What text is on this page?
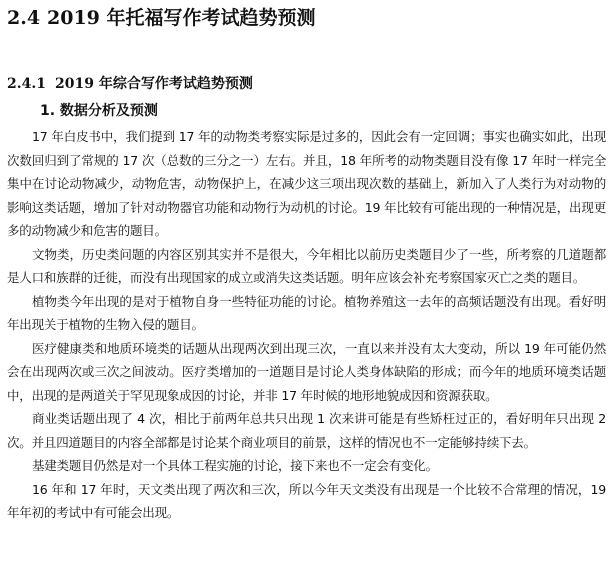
2.4 2019 年托福写作考试趋势预测
2.4.1 2019 年综合写作考试趋势预测
1. 数据分析及预测

17 年白皮书中，我们提到 17 年的动物类考察实际是过多的，因此会有一定回调；事实也确实如此，出现次数回归到了常规的 17 次（总数的三分之一）左右。并且，18 年所考的动物类题目没有像 17 年时一样完全集中在讨论动物减少，动物危害，动物保护上，在减少这三项出现次数的基础上，新加入了人类行为对动物的影响这类话题，增加了针对动物器官功能和动物行为动机的讨论。19 年比较有可能出现的一种情况是，出现更多的动物减少和危害的题目。

文物类，历史类问题的内容区别其实并不是很大，今年相比以前历史类题目少了一些，所考察的几道题都是人口和族群的迁徙，而没有出现国家的成立或消失这类话题。明年应该会补充考察国家灭亡之类的题目。

植物类今年出现的是对于植物自身一些特征功能的讨论。植物养殖这一去年的高频话题没有出现。看好明年出现关于植物的生物入侵的题目。

医疗健康类和地质环境类的话题从出现两次到出现三次，一直以来并没有太大变动，所以 19 年可能仍然会在出现两次或三次之间波动。医疗类增加的一道题目是讨论人类身体缺陷的形成；而今年的地质环境类话题中，出现的是两道关于罕见现象成因的讨论，并非 17 年时候的地形地貌成因和资源获取。

商业类话题出现了 4 次，相比于前两年总共只出现 1 次来讲可能是有些矫枉过正的，看好明年只出现 2 次。并且四道题目的内容全部都是讨论某个商业项目的前景，这样的情况也不一定能够持续下去。

基建类题目仍然是对一个具体工程实施的讨论，接下来也不一定会有变化。

16 年和 17 年时，天文类出现了两次和三次，所以今年天文类没有出现是一个比较不合常理的情况，19 年年初的考试中有可能会出现。
